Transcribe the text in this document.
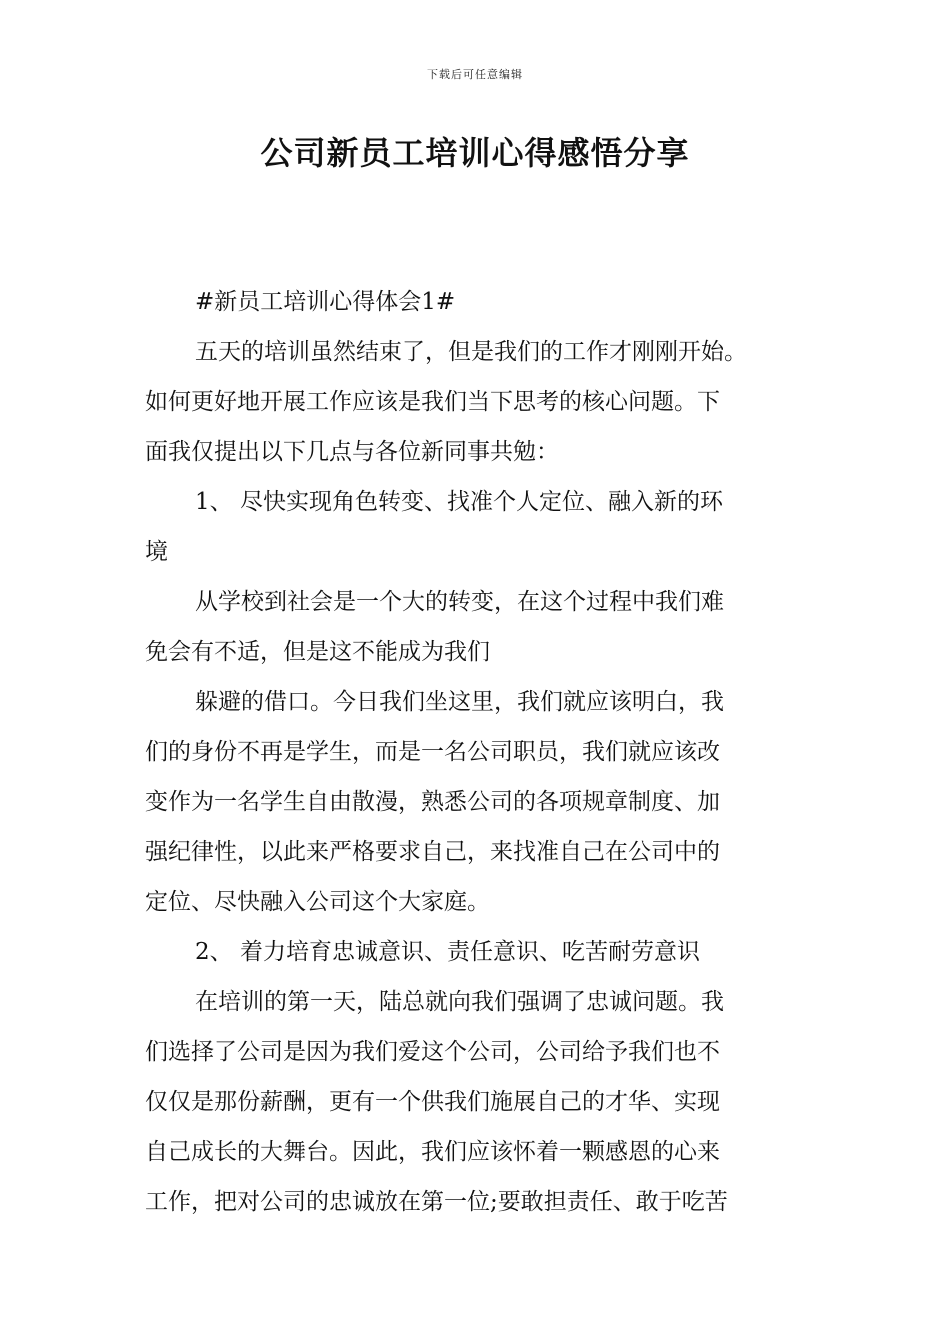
下载后可任意编辑
公司新员工培训心得感悟分享

#新员工培训心得体会1#

五天的培训虽然结束了，但是我们的工作才刚刚开始。

如何更好地开展工作应该是我们当下思考的核心问题。下

面我仅提出以下几点与各位新同事共勉：

1、 尽快实现角色转变、找准个人定位、融入新的环

境

从学校到社会是一个大的转变，在这个过程中我们难

免会有不适，但是这不能成为我们

躲避的借口。今日我们坐这里，我们就应该明白，我

们的身份不再是学生，而是一名公司职员，我们就应该改

变作为一名学生自由散漫，熟悉公司的各项规章制度、加

强纪律性，以此来严格要求自己，来找准自己在公司中的

定位、尽快融入公司这个大家庭。

2、 着力培育忠诚意识、责任意识、吃苦耐劳意识

在培训的第一天，陆总就向我们强调了忠诚问题。我

们选择了公司是因为我们爱这个公司，公司给予我们也不

仅仅是那份薪酬，更有一个供我们施展自己的才华、实现

自己成长的大舞台。因此，我们应该怀着一颗感恩的心来

工作，把对公司的忠诚放在第一位;要敢担责任、敢于吃苦
